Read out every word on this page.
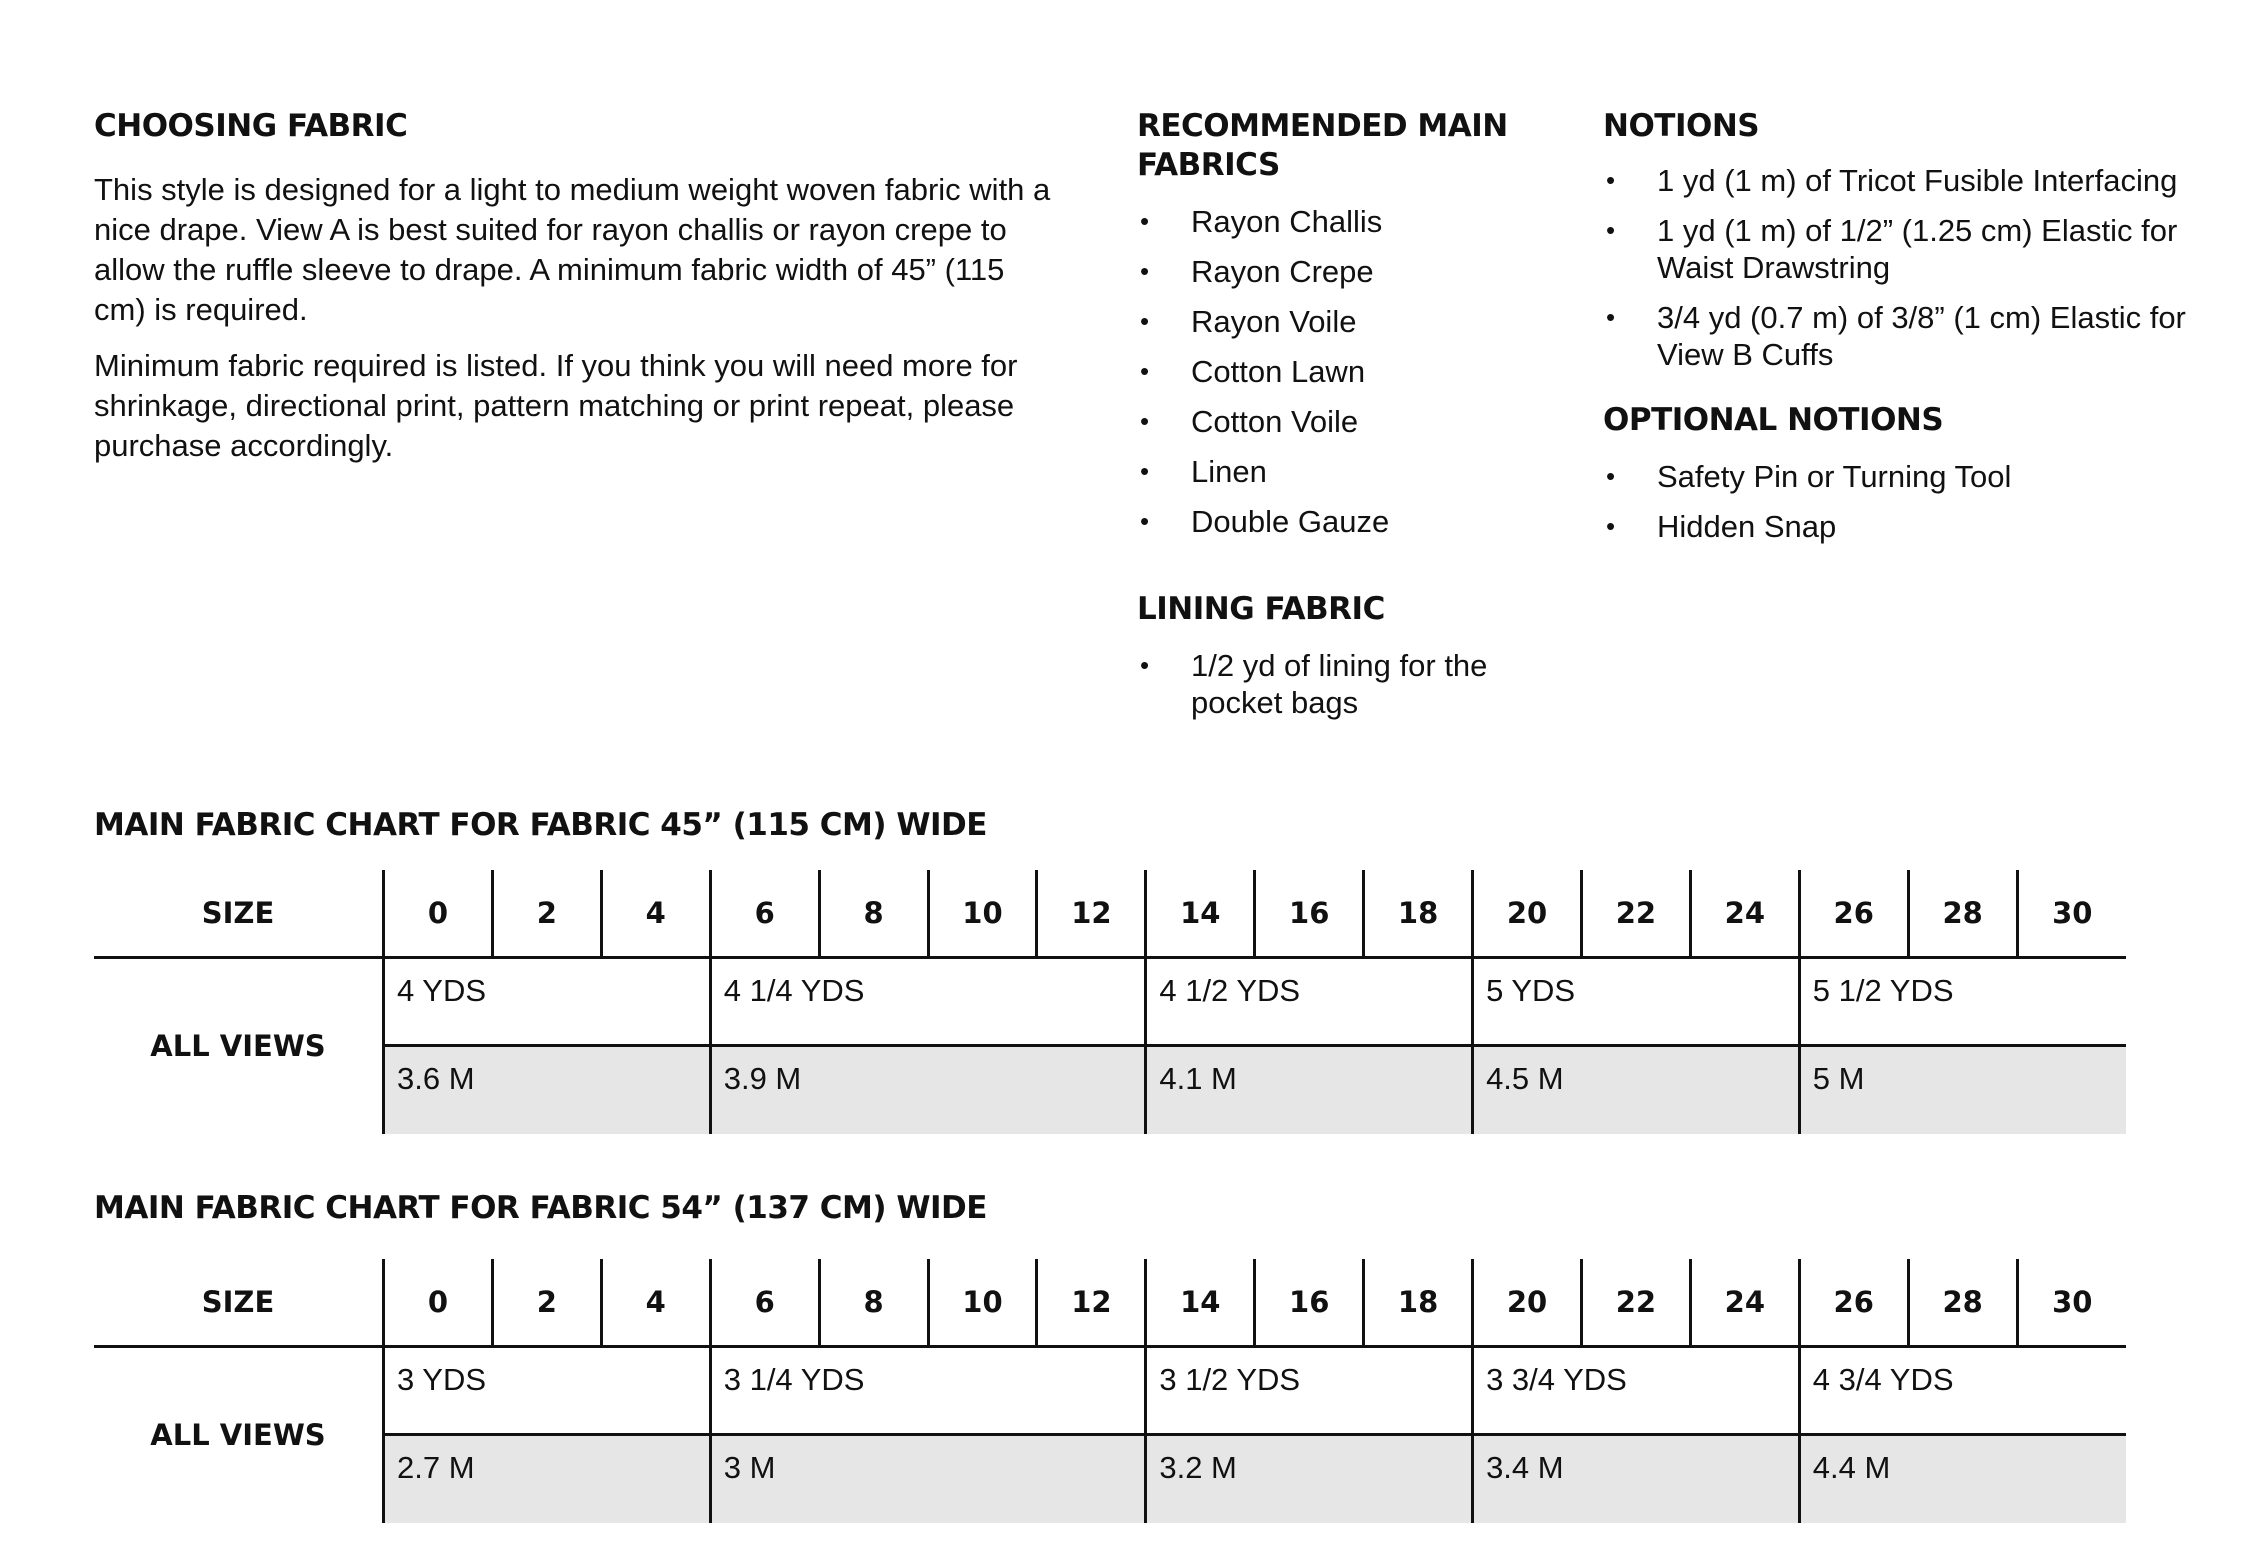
CHOOSING FABRIC

This style is designed for a light to medium weight woven fabric with a nice drape. View A is best suited for rayon challis or rayon crepe to allow the ruffle sleeve to drape. A minimum fabric width of 45” (115 cm) is required.

Minimum fabric required is listed. If you think you will need more for shrinkage, directional print, pattern matching or print repeat, please purchase accordingly.

RECOMMENDED MAIN FABRICS
• Rayon Challis
• Rayon Crepe
• Rayon Voile
• Cotton Lawn
• Cotton Voile
• Linen
• Double Gauze
LINING FABRIC
• 1/2 yd of lining for the pocket bags
NOTIONS
• 1 yd (1 m) of Tricot Fusible Interfacing
• 1 yd (1 m) of 1/2” (1.25 cm) Elastic for Waist Drawstring
• 3/4 yd (0.7 m) of 3/8” (1 cm) Elastic for View B Cuffs
OPTIONAL NOTIONS
• Safety Pin or Turning Tool
• Hidden Snap
MAIN FABRIC CHART FOR FABRIC 45” (115 CM) WIDE
SIZE	0	2	4	6	8	10	12	14	16	18	20	22	24	26	28	30
ALL VIEWS	4 YDS			4 1/4 YDS				4 1/2 YDS			5 YDS			5 1/2 YDS		
	3.6 M			3.9 M				4.1 M			4.5 M			5 M		
MAIN FABRIC CHART FOR FABRIC 54” (137 CM) WIDE
SIZE	0	2	4	6	8	10	12	14	16	18	20	22	24	26	28	30
ALL VIEWS	3 YDS			3 1/4 YDS				3 1/2 YDS			3 3/4 YDS			4 3/4 YDS		
	2.7 M			3 M				3.2 M			3.4 M			4.4 M		
